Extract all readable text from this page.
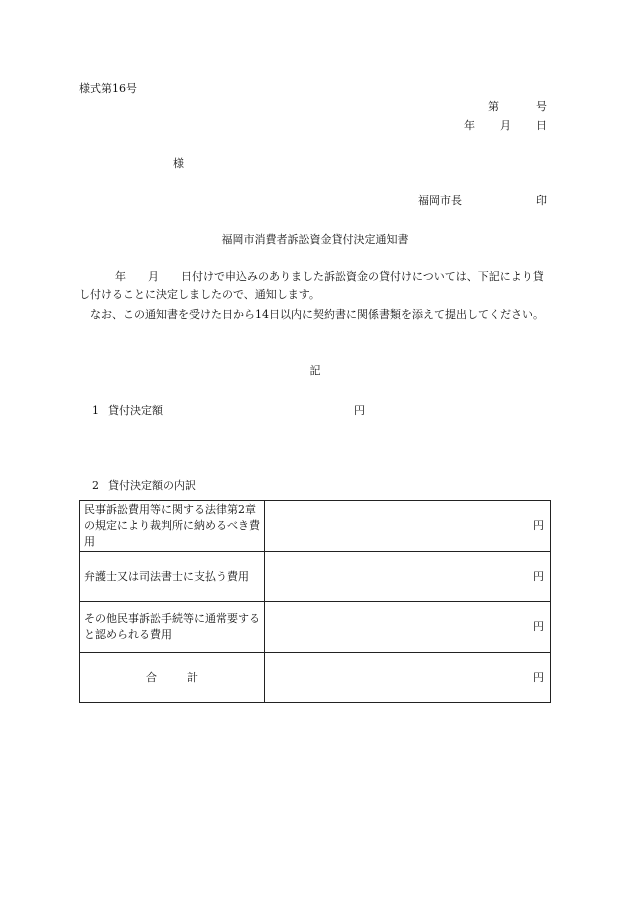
様式第16号
第	号
年 月 日
様
福岡市長	印
福岡市消費者訴訟資金貸付決定通知書
年 月 日付けで申込みのありました訴訟資金の貸付けについては、下記により貸し付けることに決定しましたので、通知します。
なお、この通知書を受けた日から14日以内に契約書に関係書類を添えて提出してください。
記
1 貸付決定額	円
2 貸付決定額の内訳
民事訴訟費用等に関する法律第2章の規定により裁判所に納めるべき費用	円
弁護士又は司法書士に支払う費用	円
その他民事訴訟手続等に通常要すると認められる費用	円
合 計	円
